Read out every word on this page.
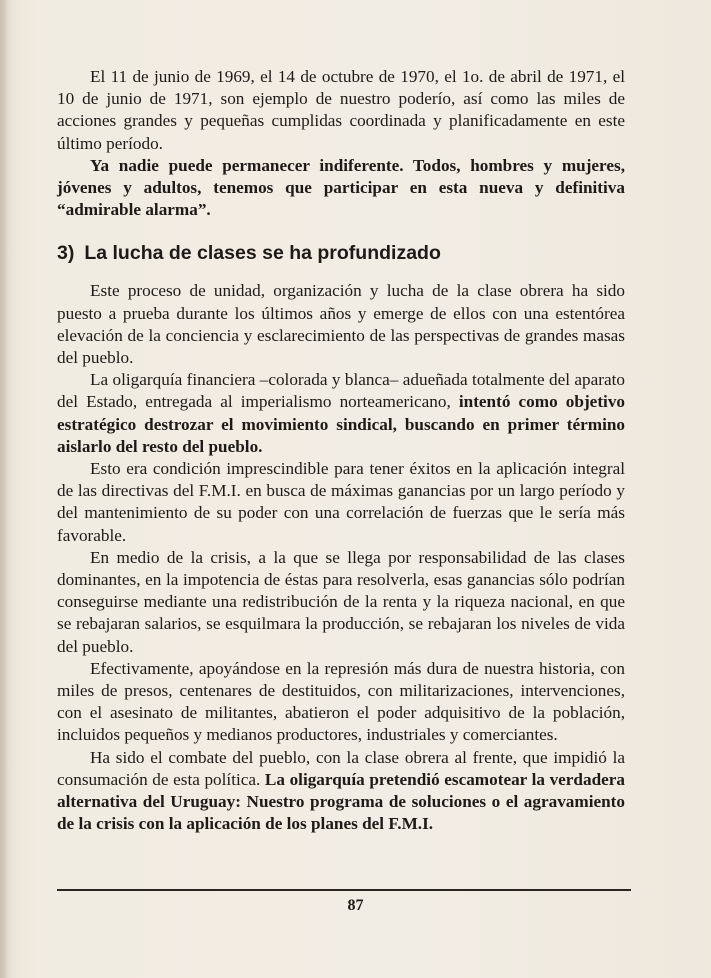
El 11 de junio de 1969, el 14 de octubre de 1970, el 1o. de abril de 1971, el 10 de junio de 1971, son ejemplo de nuestro poderío, así como las miles de acciones grandes y pequeñas cumplidas coordinada y planificadamente en este último período.

Ya nadie puede permanecer indiferente. Todos, hombres y mujeres, jóvenes y adultos, tenemos que participar en esta nueva y definitiva “admirable alarma”.

3) La lucha de clases se ha profundizado

Este proceso de unidad, organización y lucha de la clase obrera ha sido puesto a prueba durante los últimos años y emerge de ellos con una estentórea elevación de la conciencia y esclarecimiento de las perspectivas de grandes masas del pueblo.

La oligarquía financiera –colorada y blanca– adueñada totalmente del aparato del Estado, entregada al imperialismo norteamericano, intentó como objetivo estratégico destrozar el movimiento sindical, buscando en primer término aislarlo del resto del pueblo.

Esto era condición imprescindible para tener éxitos en la aplicación integral de las directivas del F.M.I. en busca de máximas ganancias por un largo período y del mantenimiento de su poder con una correlación de fuerzas que le sería más favorable.

En medio de la crisis, a la que se llega por responsabilidad de las clases dominantes, en la impotencia de éstas para resolverla, esas ganancias sólo podrían conseguirse mediante una redistribución de la renta y la riqueza nacional, en que se rebajaran salarios, se esquilmara la producción, se rebajaran los niveles de vida del pueblo.

Efectivamente, apoyándose en la represión más dura de nuestra historia, con miles de presos, centenares de destituidos, con militarizaciones, intervenciones, con el asesinato de militantes, abatieron el poder adquisitivo de la población, incluidos pequeños y medianos productores, industriales y comerciantes.

Ha sido el combate del pueblo, con la clase obrera al frente, que impidió la consumación de esta política. La oligarquía pretendió escamotear la verdadera alternativa del Uruguay: Nuestro programa de soluciones o el agravamiento de la crisis con la aplicación de los planes del F.M.I.

87
